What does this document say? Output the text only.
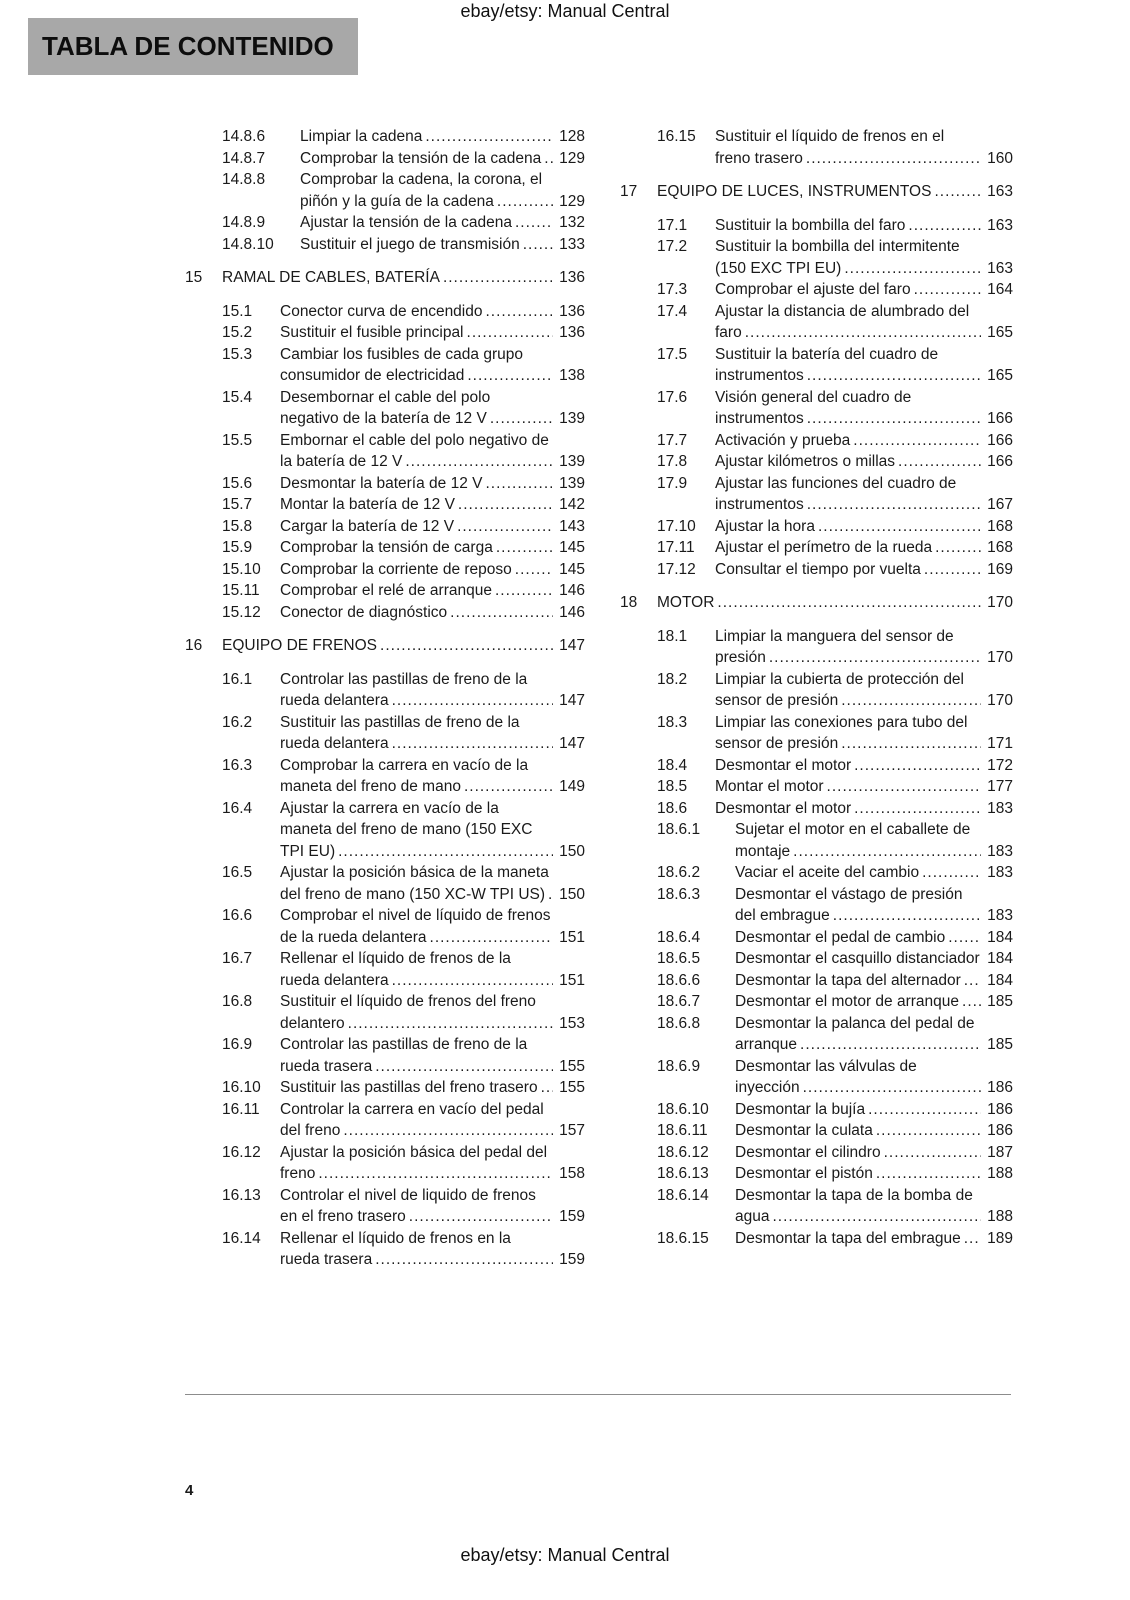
ebay/etsy: Manual Central
TABLA DE CONTENIDO
14.8.6	Limpiar la cadena .....	128
14.8.7	Comprobar la tensión de la cadena .....	129
14.8.8	Comprobar la cadena, la corona, el piñón y la guía de la cadena .....	129
14.8.9	Ajustar la tensión de la cadena .....	132
14.8.10	Sustituir el juego de transmisión .....	133
15	RAMAL DE CABLES, BATERÍA .....	136
15.1	Conector curva de encendido .....	136
15.2	Sustituir el fusible principal .....	136
15.3	Cambiar los fusibles de cada grupo consumidor de electricidad .....	138
15.4	Desembornar el cable del polo negativo de la batería de 12 V .....	139
15.5	Embornar el cable del polo negativo de la batería de 12 V .....	139
15.6	Desmontar la batería de 12 V .....	139
15.7	Montar la batería de 12 V .....	142
15.8	Cargar la batería de 12 V .....	143
15.9	Comprobar la tensión de carga .....	145
15.10	Comprobar la corriente de reposo .....	145
15.11	Comprobar el relé de arranque .....	146
15.12	Conector de diagnóstico .....	146
16	EQUIPO DE FRENOS .....	147
16.1	Controlar las pastillas de freno de la rueda delantera .....	147
16.2	Sustituir las pastillas de freno de la rueda delantera .....	147
16.3	Comprobar la carrera en vacío de la maneta del freno de mano .....	149
16.4	Ajustar la carrera en vacío de la maneta del freno de mano (150 EXC TPI EU) .....	150
16.5	Ajustar la posición básica de la maneta del freno de mano (150 XC-W TPI US) ..... 150
16.6	Comprobar el nivel de líquido de frenos de la rueda delantera .....	151
16.7	Rellenar el líquido de frenos de la rueda delantera .....	151
16.8	Sustituir el líquido de frenos del freno delantero .....	153
16.9	Controlar las pastillas de freno de la rueda trasera .....	155
16.10	Sustituir las pastillas del freno trasero .....	155
16.11	Controlar la carrera en vacío del pedal del freno .....	157
16.12	Ajustar la posición básica del pedal del freno .....	158
16.13	Controlar el nivel de liquido de frenos en el freno trasero .....	159
16.14	Rellenar el líquido de frenos en la rueda trasera .....	159
16.15	Sustituir el líquido de frenos en el freno trasero .....	160
17	EQUIPO DE LUCES, INSTRUMENTOS .....	163
17.1	Sustituir la bombilla del faro .....	163
17.2	Sustituir la bombilla del intermitente (150 EXC TPI EU) .....	163
17.3	Comprobar el ajuste del faro .....	164
17.4	Ajustar la distancia de alumbrado del faro .....	165
17.5	Sustituir la batería del cuadro de instrumentos .....	165
17.6	Visión general del cuadro de instrumentos .....	166
17.7	Activación y prueba .....	166
17.8	Ajustar kilómetros o millas .....	166
17.9	Ajustar las funciones del cuadro de instrumentos .....	167
17.10	Ajustar la hora .....	168
17.11	Ajustar el perímetro de la rueda .....	168
17.12	Consultar el tiempo por vuelta .....	169
18	MOTOR .....	170
18.1	Limpiar la manguera del sensor de presión .....	170
18.2	Limpiar la cubierta de protección del sensor de presión .....	170
18.3	Limpiar las conexiones para tubo del sensor de presión .....	171
18.4	Desmontar el motor .....	172
18.5	Montar el motor .....	177
18.6	Desmontar el motor .....	183
18.6.1	Sujetar el motor en el caballete de montaje .....	183
18.6.2	Vaciar el aceite del cambio .....	183
18.6.3	Desmontar el vástago de presión del embrague .....	183
18.6.4	Desmontar el pedal de cambio .....	184
18.6.5	Desmontar el casquillo distanciador ..... 184
18.6.6	Desmontar la tapa del alternador .....	184
18.6.7	Desmontar el motor de arranque .....	185
18.6.8	Desmontar la palanca del pedal de arranque .....	185
18.6.9	Desmontar las válvulas de inyección .....	186
18.6.10	Desmontar la bujía .....	186
18.6.11	Desmontar la culata .....	186
18.6.12	Desmontar el cilindro .....	187
18.6.13	Desmontar el pistón .....	188
18.6.14	Desmontar la tapa de la bomba de agua .....	188
18.6.15	Desmontar la tapa del embrague .....	189
4
ebay/etsy: Manual Central
